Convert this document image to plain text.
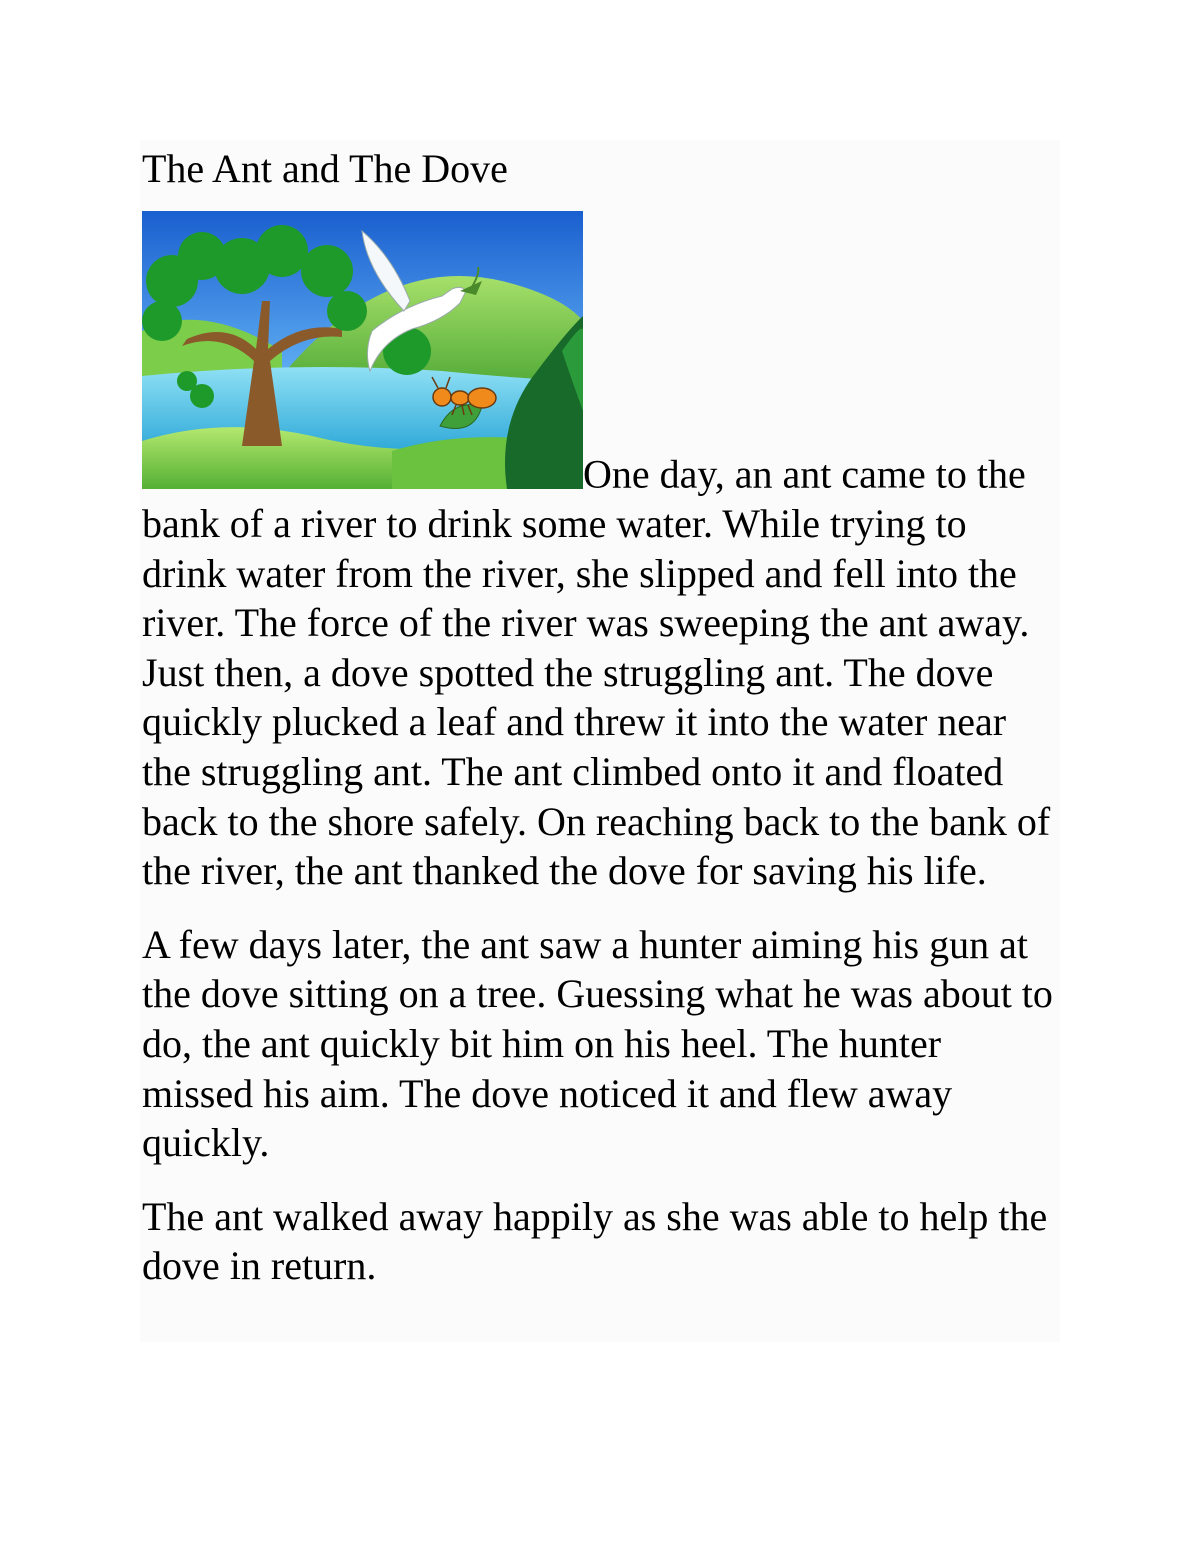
The Ant and The Dove

One day, an ant came to the bank of a river to drink some water. While trying to drink water from the river, she slipped and fell into the river. The force of the river was sweeping the ant away. Just then, a dove spotted the struggling ant. The dove quickly plucked a leaf and threw it into the water near the struggling ant. The ant climbed onto it and floated back to the shore safely. On reaching back to the bank of the river, the ant thanked the dove for saving his life.

A few days later, the ant saw a hunter aiming his gun at the dove sitting on a tree. Guessing what he was about to do, the ant quickly bit him on his heel. The hunter missed his aim. The dove noticed it and flew away quickly.

The ant walked away happily as she was able to help the dove in return.
